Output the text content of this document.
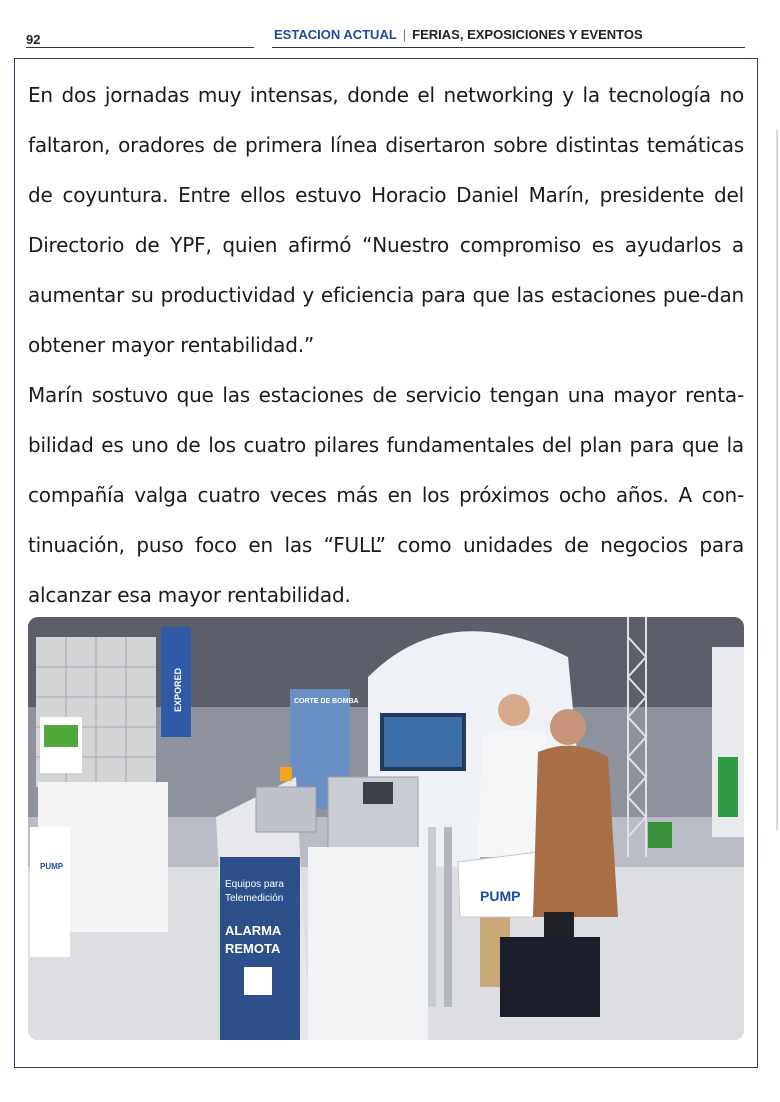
92	ESTACION ACTUAL | FERIAS, EXPOSICIONES Y EVENTOS

En dos jornadas muy intensas, donde el networking y la tecnología no faltaron, oradores de primera línea disertaron sobre distintas temáticas de coyuntura. Entre ellos estuvo Horacio Daniel Marín, presidente del Directorio de YPF, quien afirmó “Nuestro compromiso es ayudarlos a aumentar su productividad y eficiencia para que las estaciones pue-dan obtener mayor rentabilidad.”

Marín sostuvo que las estaciones de servicio tengan una mayor renta-bilidad es uno de los cuatro pilares fundamentales del plan para que la compañía valga cuatro veces más en los próximos ocho años. A con-tinuación, puso foco en las “FULL” como unidades de negocios para alcanzar esa mayor rentabilidad.

EXPORED	CORTE DE BOMBA
PUMP
Equipos para
Telemedición
ALARMA
REMOTA
PUMP
